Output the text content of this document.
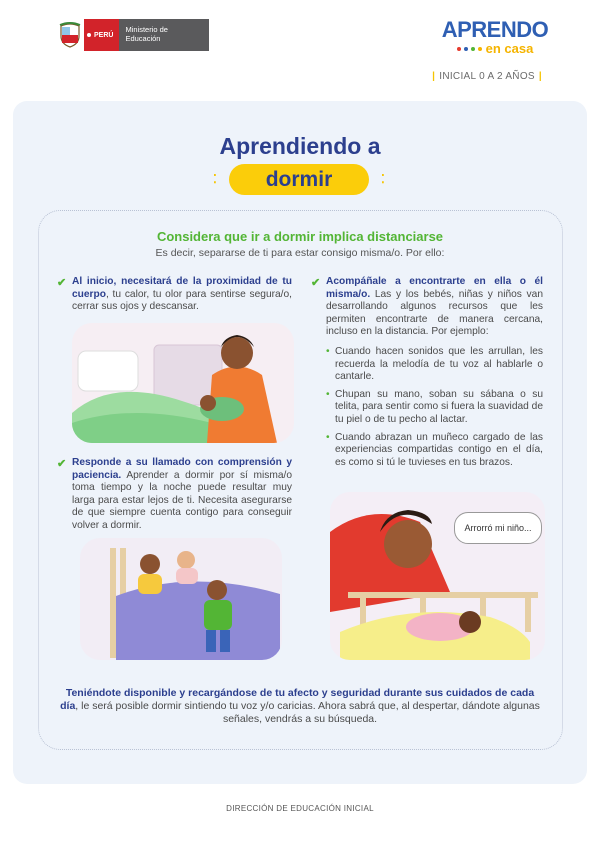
PERÚ
Ministerio de Educación	APRENDO
en casa
| INICIAL 0 A 2 AÑOS |
Aprendiendo a
dormir
⁚	⁚
Considera que ir a dormir implica distanciarse
Es decir, separarse de ti para estar consigo misma/o. Por ello:
✔ Al inicio, necesitará de la proximidad de tu cuerpo, tu calor, tu olor para sentirse segura/o, cerrar sus ojos y descansar.
✔ Responde a su llamado con comprensión y paciencia. Aprender a dormir por sí misma/o toma tiempo y la noche puede resultar muy larga para estar lejos de ti. Necesita asegurarse de que siempre cuenta contigo para conseguir volver a dormir.
✔ Acompáñale a encontrarte en ella o él misma/o. Las y los bebés, niñas y niños van desarrollando algunos recursos que les permiten encontrarte de manera cercana, incluso en la distancia. Por ejemplo:
• Cuando hacen sonidos que les arrullan, les recuerda la melodía de tu voz al hablarle o cantarle.
• Chupan su mano, soban su sábana o su telita, para sentir como si fuera la suavidad de tu piel o de tu pecho al lactar.
• Cuando abrazan un muñeco cargado de las experiencias compartidas contigo en el día, es como si tú le tuvieses en tus brazos.
Arrorró mi niño...
Teniéndote disponible y recargándose de tu afecto y seguridad durante sus cuidados de cada día, le será posible dormir sintiendo tu voz y/o caricias. Ahora sabrá que, al despertar, dándote algunas señales, vendrás a su búsqueda.
DIRECCIÓN DE EDUCACIÓN INICIAL
